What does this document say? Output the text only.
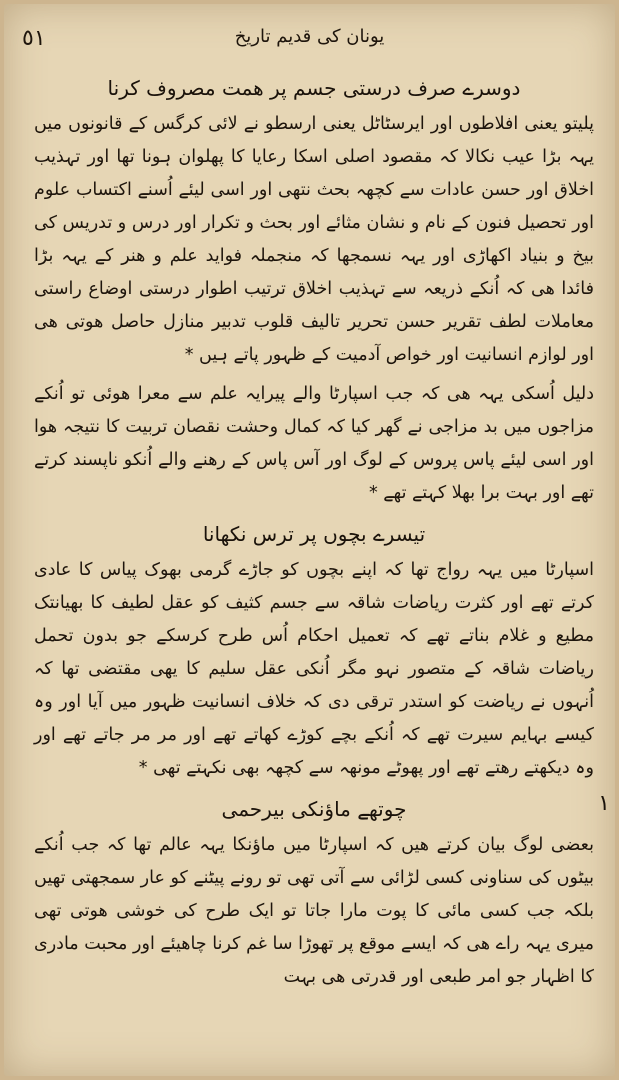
٥١	یونان کی قدیم تاریخ
دوسرے صرف درستی جسم پر همت مصروف کرنا

پلیتو یعنی افلاطوں اور ایرسٹاٹل یعنی ارسطو نے لائی کرگس کے قانونوں میں یہہ بڑا عیب نکالا کہ مقصود اصلی اسکا رعایا کا پهلوان ہونا تها اور تہذیب اخلاق اور حسن عادات سے کچهہ بحث نتهی اور اسی لیئے اُسنے اکتساب علوم اور تحصیل فنون کے نام و نشان مثائے اور بحث و تکرار اور درس و تدریس کی بیخ و بنیاد اکهاڑی اور یہہ نسمجها کہ منجملہ فواید علم و هنر کے یہہ بڑا فائدا هی کہ اُنکے ذریعہ سے تہذیب اخلاق ترتیب اطوار درستی اوضاع راستی معاملات لطف تقریر حسن تحریر تالیف قلوب تدبیر منازل حاصل هوتی هی اور لوازم انسانیت اور خواص آدمیت کے ظہور پاتے ہیں *

دلیل اُسکی یہہ هی کہ جب اسپارٹا والے پیرایہ علم سے معرا هوئی تو اُنکے مزاجوں میں بد مزاجی نے گهر کیا کہ کمال وحشت نقصان تربیت کا نتیجہ هوا اور اسی لیئے پاس پروس کے لوگ اور آس پاس کے رهنے والے اُنکو ناپسند کرتے تهے اور بہت برا بهلا کہتے تهے *

تیسرے بچوں پر ترس نکهانا

اسپارٹا میں یہہ رواج تها کہ اپنے بچوں کو جاڑے گرمی بهوک پیاس کا عادی کرتے تهے اور کثرت ریاضات شاقہ سے جسم کثیف کو عقل لطیف کا بهیانتک مطیع و غلام بناتے تهے کہ تعمیل احکام اُس طرح کرسکے جو بدون تحمل ریاضات شاقہ کے متصور نہو مگر اُنکی عقل سلیم کا یهی مقتضی تها کہ اُنہوں نے ریاضت کو استدر ترقی دی کہ خلاف انسانیت ظہور میں آیا اور وہ کیسے بہایم سیرت تهے کہ اُنکے بچے کوڑے کهاتے تهے اور مر مر جاتے تهے اور وہ دیکهتے رهتے تهے اور پهوٹے مونهہ سے کچهہ بهی نکہتے تهی *

١
چوتهے ماؤنکی بیرحمی

بعضی لوگ بیان کرتے هیں کہ اسپارٹا میں ماؤنکا یہہ عالم تها کہ جب اُنکے بیٹوں کی سناونی کسی لڑائی سے آتی تهی تو رونے پیٹنے کو عار سمجهتی تهیں بلکہ جب کسی مائی کا پوت مارا جاتا تو ایک طرح کی خوشی هوتی تهی میری یہہ راے هی کہ ایسے موقع پر تهوڑا سا غم کرنا چاهیئے اور محبت مادری کا اظہار جو امر طبعی اور قدرتی هی بہت
